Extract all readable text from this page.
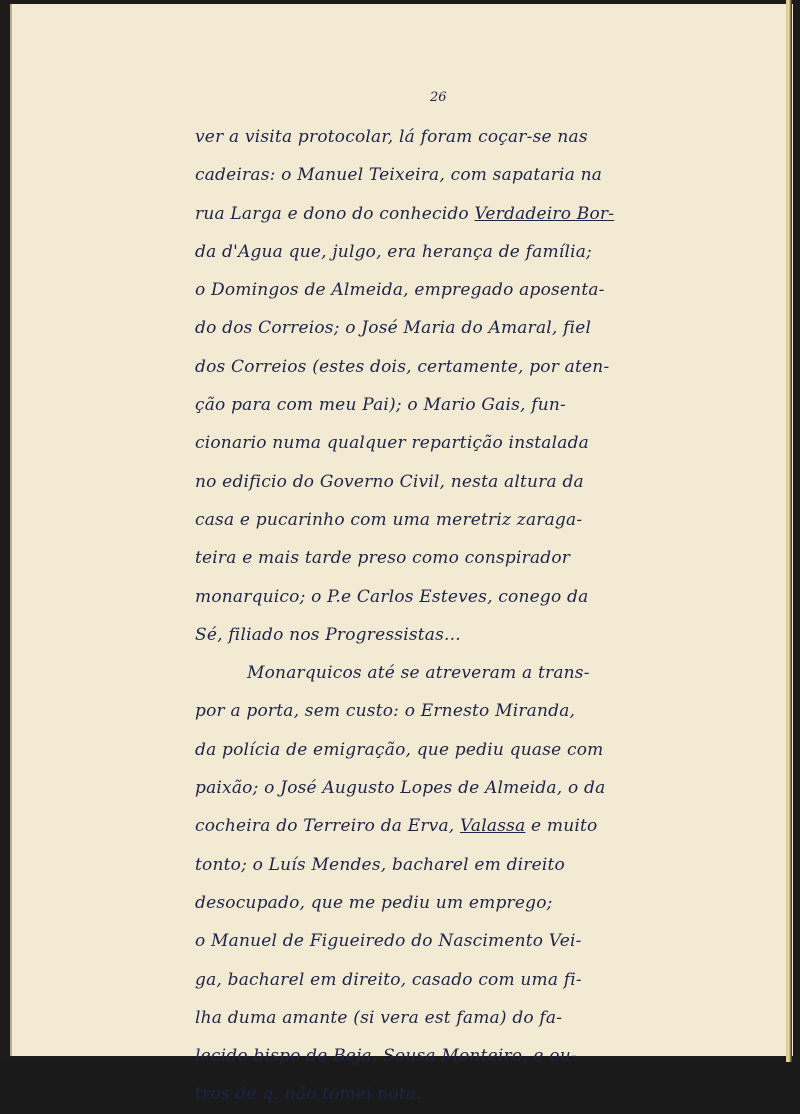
26
ver a visita protocolar, lá foram coçar-se nas
cadeiras: o Manuel Teixeira, com sapataria na
rua Larga e dono do conhecido Verdadeiro Bor-
da d'Agua que, julgo, era herança de família;
o Domingos de Almeida, empregado aposenta-
do dos Correios; o José Maria do Amaral, fiel
dos Correios (estes dois, certamente, por aten-
ção para com meu Pai); o Mario Gais, fun-
cionario numa qualquer repartição instalada
no edificio do Governo Civil, nesta altura da
casa e pucarinho com uma meretriz zaraga-
teira e mais tarde preso como conspirador
monarquico; o P.e Carlos Esteves, conego da
Sé, filiado nos Progressistas...
Monarquicos até se atreveram a trans-
por a porta, sem custo: o Ernesto Miranda,
da polícia de emigração, que pediu quase com
paixão; o José Augusto Lopes de Almeida, o da
cocheira do Terreiro da Erva, Valassa e muito
tonto; o Luís Mendes, bacharel em direito
desocupado, que me pediu um emprego;
o Manuel de Figueiredo do Nascimento Vei-
ga, bacharel em direito, casado com uma fi-
lha duma amante (si vera est fama) do fa-
lecido bispo de Beja, Sousa Monteiro, e ou-
tros de q. não tomei nota.
